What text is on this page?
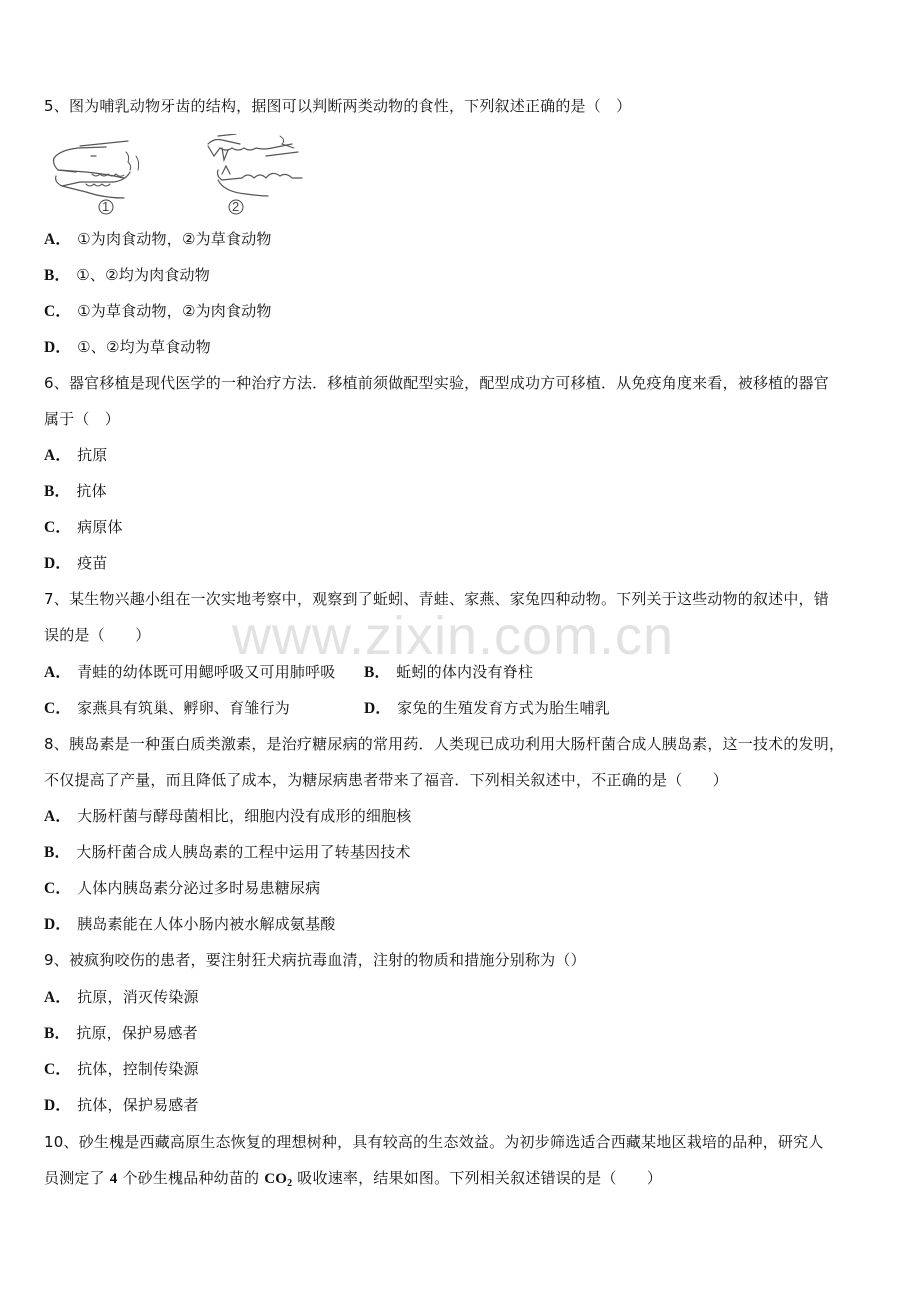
5、图为哺乳动物牙齿的结构，据图可以判断两类动物的食性，下列叙述正确的是（　）
1	2
A． ①为肉食动物，②为草食动物
B． ①、②均为肉食动物
C． ①为草食动物，②为肉食动物
D． ①、②均为草食动物
6、器官移植是现代医学的一种治疗方法．移植前须做配型实验，配型成功方可移植．从免疫角度来看，被移植的器官
属于（　）
A． 抗原
B． 抗体
C． 病原体
D． 疫苗
www.zixin.com.cn
7、某生物兴趣小组在一次实地考察中，观察到了蚯蚓、青蛙、家燕、家兔四种动物。下列关于这些动物的叙述中，错
误的是（　　）
A． 青蛙的幼体既可用鳃呼吸又可用肺呼吸 B． 蚯蚓的体内没有脊柱
C． 家燕具有筑巢、孵卵、育雏行为	D． 家兔的生殖发育方式为胎生哺乳
8、胰岛素是一种蛋白质类激素，是治疗糖尿病的常用药．人类现已成功利用大肠杆菌合成人胰岛素，这一技术的发明，
不仅提高了产量，而且降低了成本，为糖尿病患者带来了福音．下列相关叙述中，不正确的是（　　）
A． 大肠杆菌与酵母菌相比，细胞内没有成形的细胞核
B． 大肠杆菌合成人胰岛素的工程中运用了转基因技术
C． 人体内胰岛素分泌过多时易患糖尿病
D． 胰岛素能在人体小肠内被水解成氨基酸
9、被疯狗咬伤的患者，要注射狂犬病抗毒血清，注射的物质和措施分别称为（）
A． 抗原，消灭传染源
B． 抗原，保护易感者
C． 抗体，控制传染源
D． 抗体，保护易感者
10、砂生槐是西藏高原生态恢复的理想树种，具有较高的生态效益。为初步筛选适合西藏某地区栽培的品种，研究人
员测定了 4 个砂生槐品种幼苗的 $CO_2$ 吸收速率，结果如图。下列相关叙述错误的是（　　）
